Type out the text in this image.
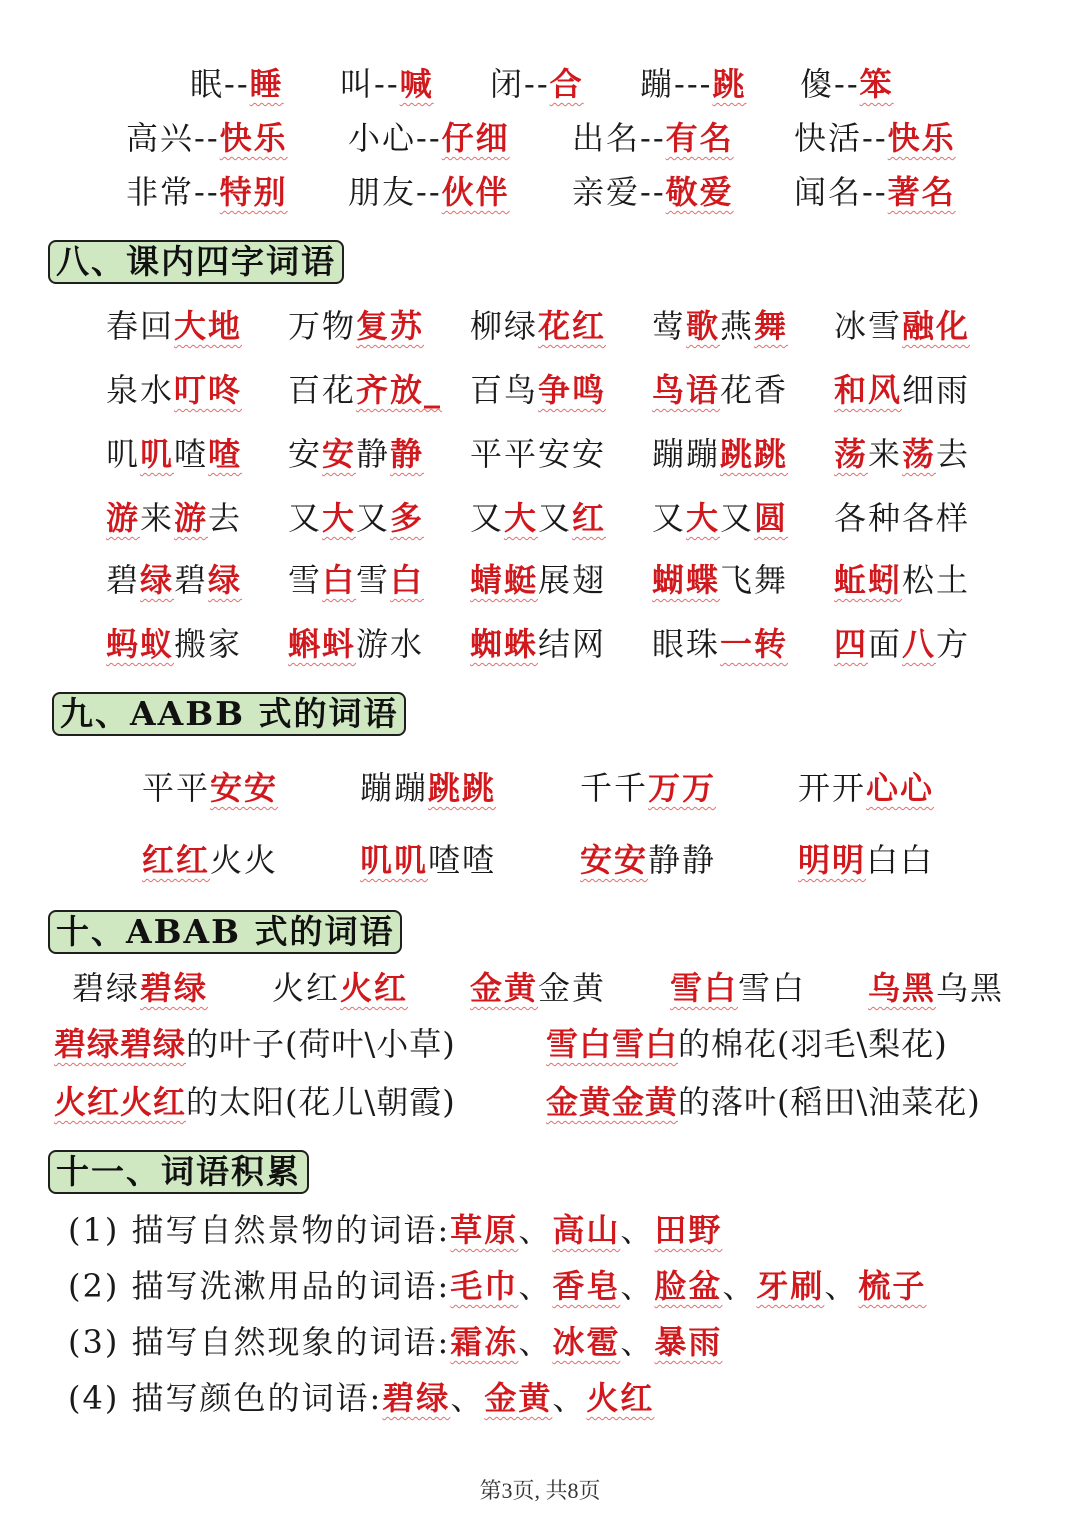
眠--睡 叫--喊 闭--合 蹦---跳 傻--笨
高兴--快乐 小心--仔细 出名--有名 快活--快乐
非常--特别 朋友--伙伴 亲爱--敬爱 闻名--著名
八、课内四字词语
春回大地 万物复苏 柳绿花红 莺歌燕舞 冰雪融化
泉水叮咚 百花齐放_ 百鸟争鸣 鸟语花香 和风细雨
叽叽喳喳 安安静静 平平安安 蹦蹦跳跳 荡来荡去
游来游去 又大又多 又大又红 又大又圆 各种各样
碧绿碧绿 雪白雪白 蜻蜓展翅 蝴蝶飞舞 蚯蚓松土
蚂蚁搬家 蝌蚪游水 蜘蛛结网 眼珠一转 四面八方
九、AABB 式的词语
平平安安	蹦蹦跳跳	千千万万	开开心心
红红火火	叽叽喳喳	安安静静	明明白白
十、ABAB 式的词语
碧绿碧绿 火红火红 金黄金黄 雪白雪白 乌黑乌黑
碧绿碧绿的叶子(荷叶\小草)	雪白雪白的棉花(羽毛\梨花)
火红火红的太阳(花儿\朝霞)	金黄金黄的落叶(稻田\油菜花)
十一、词语积累
(1) 描写自然景物的词语:草原、高山、田野
(2) 描写洗漱用品的词语:毛巾、香皂、脸盆、牙刷、梳子
(3) 描写自然现象的词语:霜冻、冰雹、暴雨
(4) 描写颜色的词语:碧绿、金黄、火红
第3页, 共8页
